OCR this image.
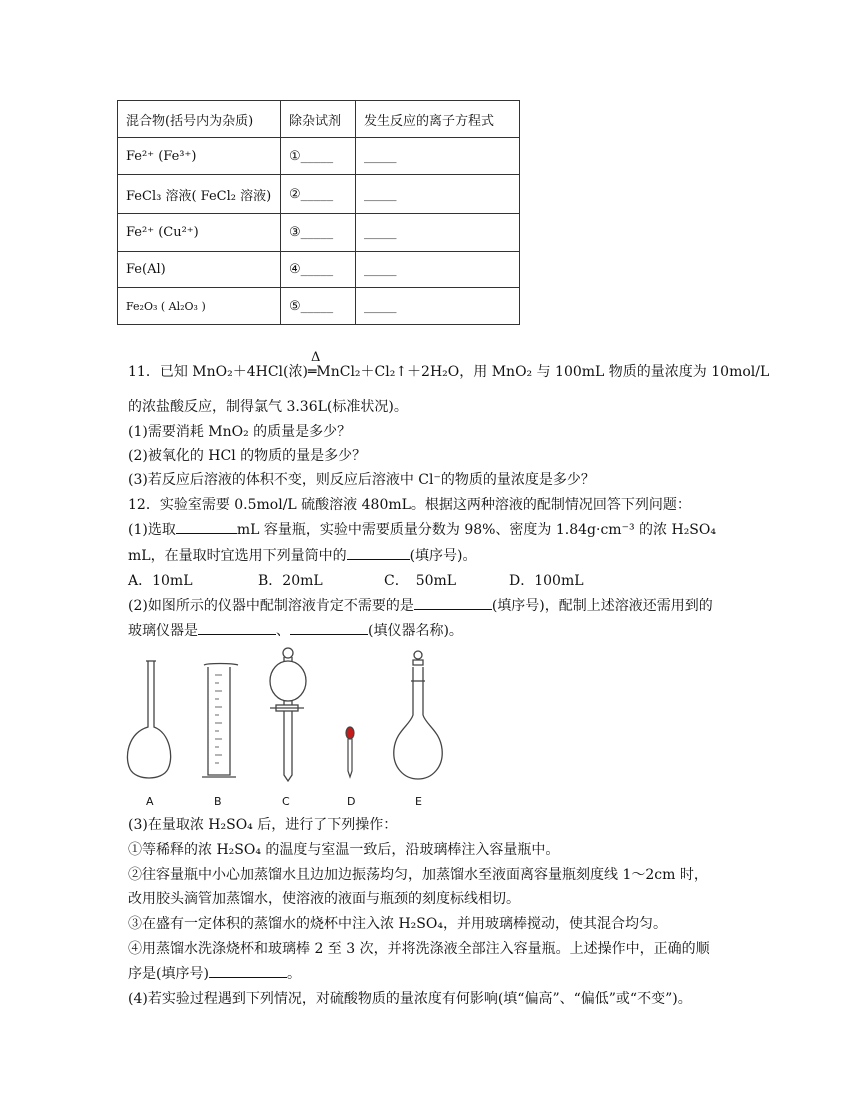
混合物(括号内为杂质)	除杂试剂	发生反应的离子方程式
Fe²⁺ (Fe³⁺)	①_____	_____
FeCl₃ 溶液( FeCl₂ 溶液)	②_____	_____
Fe²⁺ (Cu²⁺)	③_____	_____
Fe(Al)	④_____	_____
Fe₂O₃ ( Al₂O₃ )	⑤_____	_____
11．已知 MnO₂＋4HCl(浓)
Δ
═MnCl₂＋Cl₂↑＋2H₂O，用 MnO₂ 与 100mL 物质的量浓度为 10mol/L
的浓盐酸反应，制得氯气 3.36L(标准状况)。
(1)需要消耗 MnO₂ 的质量是多少？
(2)被氧化的 HCl 的物质的量是多少？
(3)若反应后溶液的体积不变，则反应后溶液中 Cl⁻的物质的量浓度是多少？
12．实验室需要 0.5mol/L 硫酸溶液 480mL。根据这两种溶液的配制情况回答下列问题：
(1)选取	mL 容量瓶，实验中需要质量分数为 98%、密度为 1.84g·cm⁻³ 的浓 H₂SO₄
mL，在量取时宜选用下列量筒中的	(填序号)。
A．10mL	B．20mL	C．　50mL	D．100mL
(2)如图所示的仪器中配制溶液肯定不需要的是	(填序号)，配制上述溶液还需用到的
玻璃仪器是	、	(填仪器名称)。
A	B	C	D	E
(3)在量取浓 H₂SO₄ 后，进行了下列操作：
①等稀释的浓 H₂SO₄ 的温度与室温一致后，沿玻璃棒注入容量瓶中。
②往容量瓶中小心加蒸馏水且边加边振荡均匀，加蒸馏水至液面离容量瓶刻度线 1～2cm 时，
改用胶头滴管加蒸馏水，使溶液的液面与瓶颈的刻度标线相切。
③在盛有一定体积的蒸馏水的烧杯中注入浓 H₂SO₄，并用玻璃棒搅动，使其混合均匀。
④用蒸馏水洗涤烧杯和玻璃棒 2 至 3 次，并将洗涤液全部注入容量瓶。上述操作中，正确的顺
序是(填序号)	。
(4)若实验过程遇到下列情况，对硫酸物质的量浓度有何影响(填“偏高”、“偏低”或“不变”)。
